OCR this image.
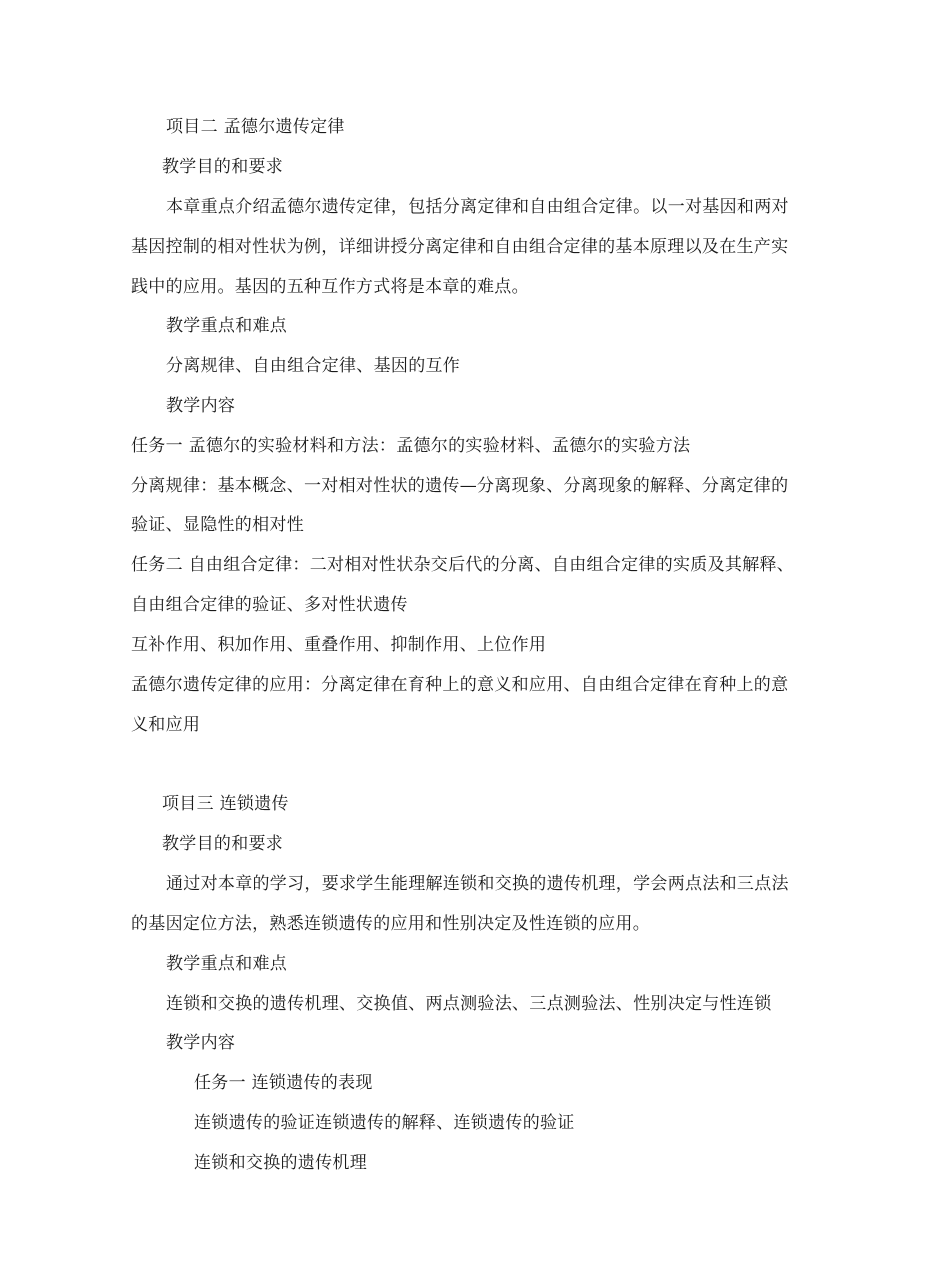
项目二 孟德尔遗传定律
教学目的和要求
本章重点介绍孟德尔遗传定律，包括分离定律和自由组合定律。以一对基因和两对
基因控制的相对性状为例，详细讲授分离定律和自由组合定律的基本原理以及在生产实
践中的应用。基因的五种互作方式将是本章的难点。
教学重点和难点
分离规律、自由组合定律、基因的互作
教学内容
任务一 孟德尔的实验材料和方法：孟德尔的实验材料、孟德尔的实验方法
分离规律：基本概念、一对相对性状的遗传—分离现象、分离现象的解释、分离定律的
验证、显隐性的相对性
任务二 自由组合定律：二对相对性状杂交后代的分离、自由组合定律的实质及其解释、
自由组合定律的验证、多对性状遗传
互补作用、积加作用、重叠作用、抑制作用、上位作用
孟德尔遗传定律的应用：分离定律在育种上的意义和应用、自由组合定律在育种上的意
义和应用
项目三 连锁遗传
教学目的和要求
通过对本章的学习，要求学生能理解连锁和交换的遗传机理，学会两点法和三点法
的基因定位方法，熟悉连锁遗传的应用和性别决定及性连锁的应用。
教学重点和难点
连锁和交换的遗传机理、交换值、两点测验法、三点测验法、性别决定与性连锁
教学内容
任务一 连锁遗传的表现
连锁遗传的验证连锁遗传的解释、连锁遗传的验证
连锁和交换的遗传机理
